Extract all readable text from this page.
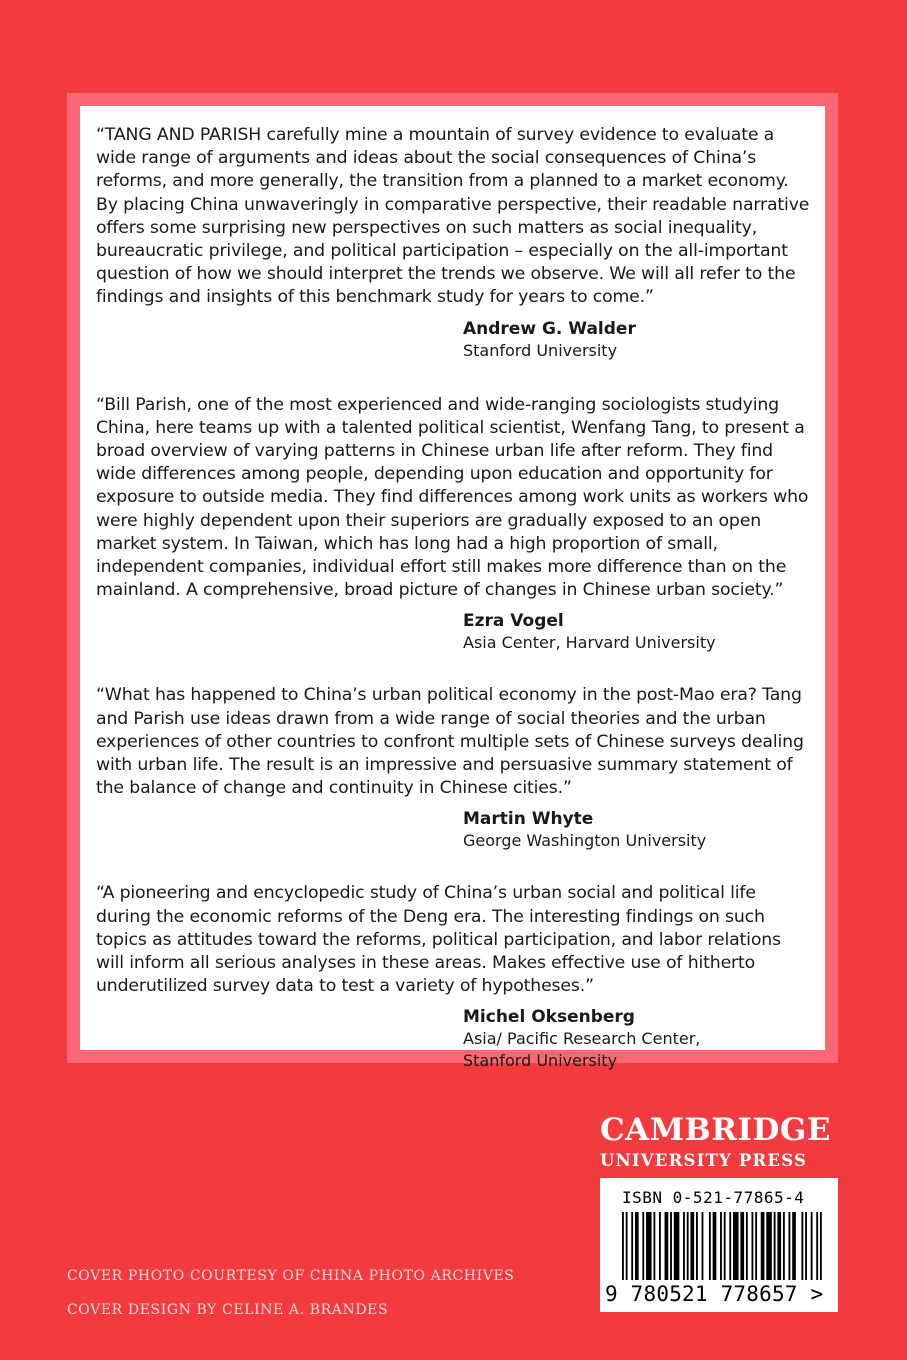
“TANG AND PARISH carefully mine a mountain of survey evidence to evaluate a wide range of arguments and ideas about the social consequences of China’s reforms, and more generally, the transition from a planned to a market economy. By placing China unwaveringly in comparative perspective, their readable narrative offers some surprising new perspectives on such matters as social inequality, bureaucratic privilege, and political participation – especially on the all-important question of how we should interpret the trends we observe. We will all refer to the findings and insights of this benchmark study for years to come.”

Andrew G. Walder
Stanford University

“Bill Parish, one of the most experienced and wide-ranging sociologists studying China, here teams up with a talented political scientist, Wenfang Tang, to present a broad overview of varying patterns in Chinese urban life after reform. They find wide differences among people, depending upon education and opportunity for exposure to outside media. They find differences among work units as workers who were highly dependent upon their superiors are gradually exposed to an open market system. In Taiwan, which has long had a high proportion of small, independent companies, individual effort still makes more difference than on the mainland. A comprehensive, broad picture of changes in Chinese urban society.”

Ezra Vogel
Asia Center, Harvard University

“What has happened to China’s urban political economy in the post-Mao era? Tang and Parish use ideas drawn from a wide range of social theories and the urban experiences of other countries to confront multiple sets of Chinese surveys dealing with urban life. The result is an impressive and persuasive summary statement of the balance of change and continuity in Chinese cities.”

Martin Whyte
George Washington University

“A pioneering and encyclopedic study of China’s urban social and political life during the economic reforms of the Deng era. The interesting findings on such topics as attitudes toward the reforms, political participation, and labor relations will inform all serious analyses in these areas. Makes effective use of hitherto underutilized survey data to test a variety of hypotheses.”

Michel Oksenberg
Asia/ Pacific Research Center,
Stanford University
CAMBRIDGE
UNIVERSITY PRESS
ISBN 0-521-77865-4
9 780521 778657 >
COVER PHOTO COURTESY OF CHINA PHOTO ARCHIVES
COVER DESIGN BY CELINE A. BRANDES
